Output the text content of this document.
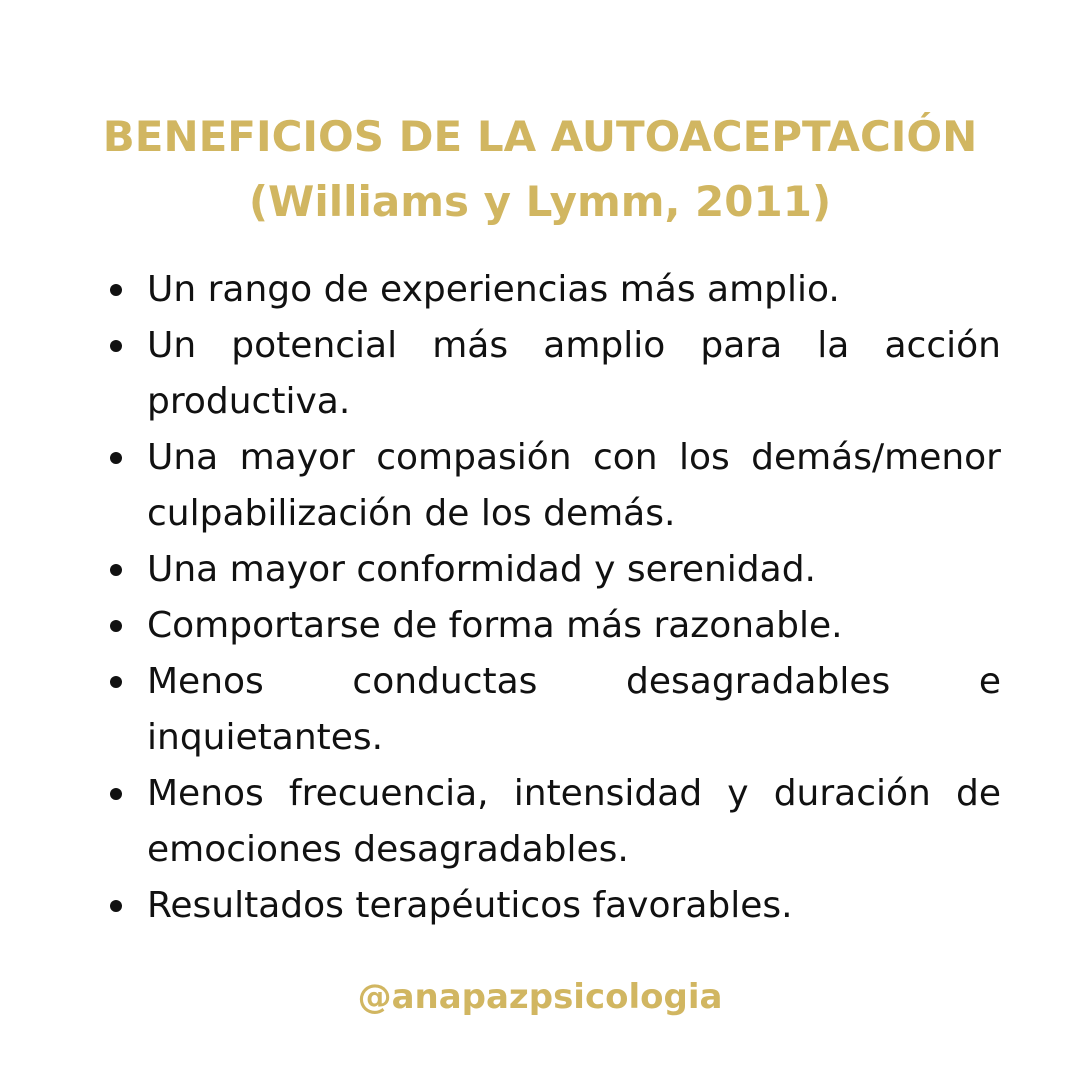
BENEFICIOS DE LA AUTOACEPTACIÓN
(Williams y Lymm, 2011)
Un rango de experiencias más amplio.
Un potencial más amplio para la acción productiva.
Una mayor compasión con los demás/menor culpabilización de los demás.
Una mayor conformidad y serenidad.
Comportarse de forma más razonable.
Menos conductas desagradables e inquietantes.
Menos frecuencia, intensidad y duración de emociones desagradables.
Resultados terapéuticos favorables.
@anapazpsicologia
